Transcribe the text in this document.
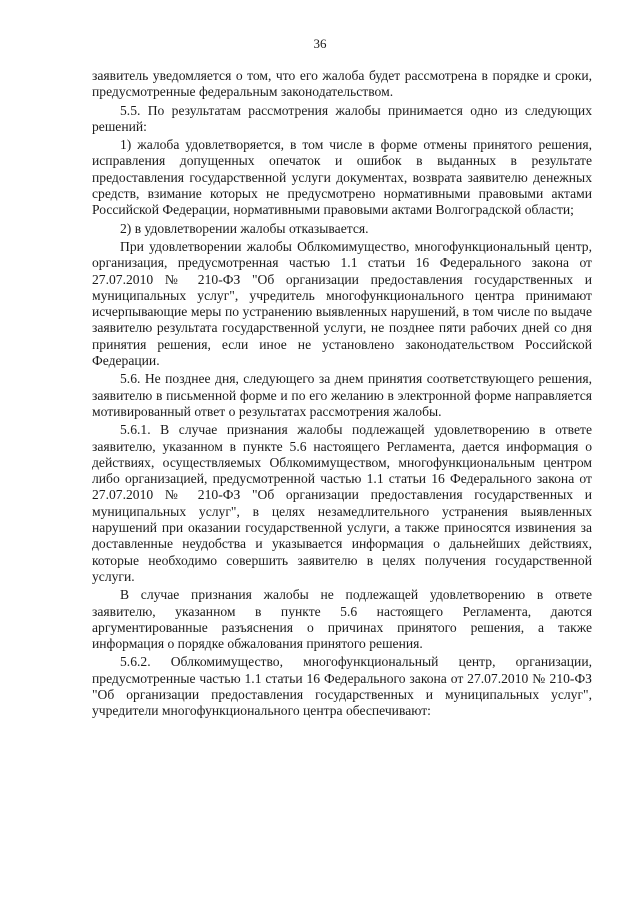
36

заявитель уведомляется о том, что его жалоба будет рассмотрена в порядке и сроки, предусмотренные федеральным законодательством.

5.5. По результатам рассмотрения жалобы принимается одно из следующих решений:

1) жалоба удовлетворяется, в том числе в форме отмены принятого решения, исправления допущенных опечаток и ошибок в выданных в результате предоставления государственной услуги документах, возврата заявителю денежных средств, взимание которых не предусмотрено нормативными правовыми актами Российской Федерации, нормативными правовыми актами Волгоградской области;

2) в удовлетворении жалобы отказывается.

При удовлетворении жалобы Облкомимущество, многофункциональный центр, организация, предусмотренная частью 1.1 статьи 16 Федерального закона от 27.07.2010 № 210-ФЗ "Об организации предоставления государственных и муниципальных услуг", учредитель многофункционального центра принимают исчерпывающие меры по устранению выявленных нарушений, в том числе по выдаче заявителю результата государственной услуги, не позднее пяти рабочих дней со дня принятия решения, если иное не установлено законодательством Российской Федерации.

5.6. Не позднее дня, следующего за днем принятия соответствующего решения, заявителю в письменной форме и по его желанию в электронной форме направляется мотивированный ответ о результатах рассмотрения жалобы.

5.6.1. В случае признания жалобы подлежащей удовлетворению в ответе заявителю, указанном в пункте 5.6 настоящего Регламента, дается информация о действиях, осуществляемых Облкомимуществом, многофункциональным центром либо организацией, предусмотренной частью 1.1 статьи 16 Федерального закона от 27.07.2010 № 210-ФЗ "Об организации предоставления государственных и муниципальных услуг", в целях незамедлительного устранения выявленных нарушений при оказании государственной услуги, а также приносятся извинения за доставленные неудобства и указывается информация о дальнейших действиях, которые необходимо совершить заявителю в целях получения государственной услуги.

В случае признания жалобы не подлежащей удовлетворению в ответе заявителю, указанном в пункте 5.6 настоящего Регламента, даются аргументированные разъяснения о причинах принятого решения, а также информация о порядке обжалования принятого решения.

5.6.2. Облкомимущество, многофункциональный центр, организации, предусмотренные частью 1.1 статьи 16 Федерального закона от 27.07.2010 № 210-ФЗ "Об организации предоставления государственных и муниципальных услуг", учредители многофункционального центра обеспечивают:
